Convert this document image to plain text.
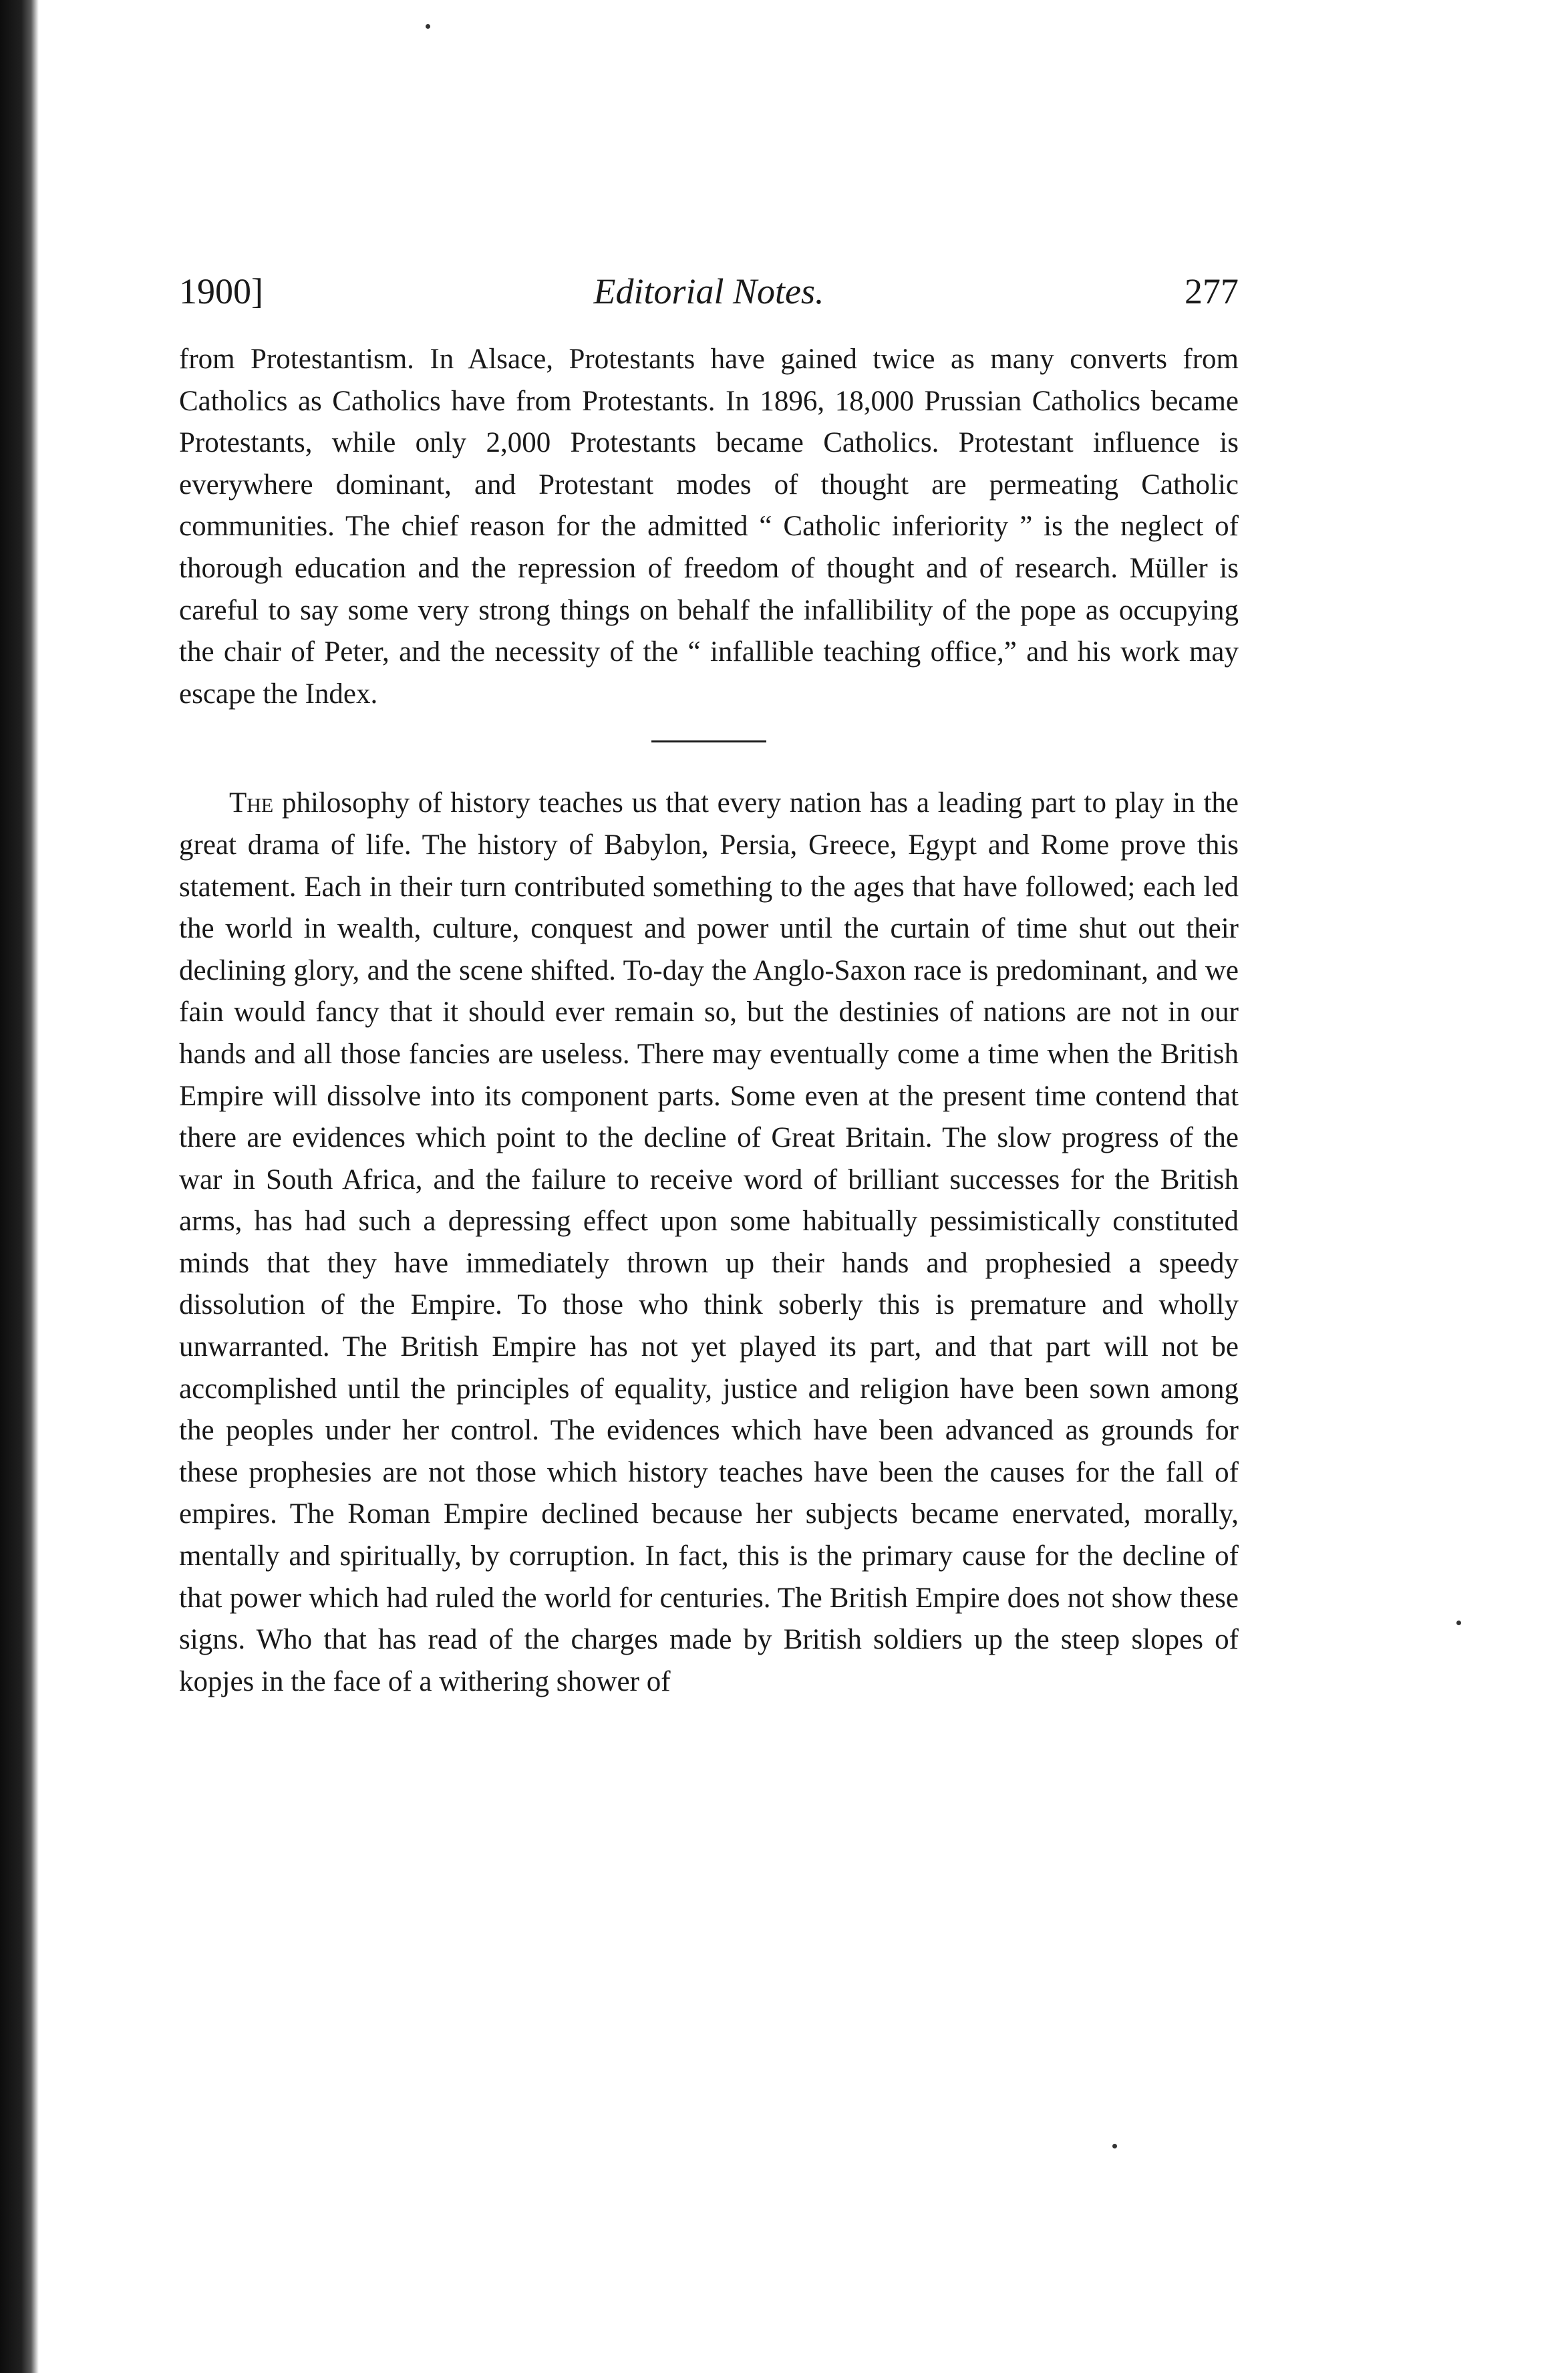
1900]	Editorial Notes.	277

from Protestantism. In Alsace, Protestants have gained twice as many converts from Catholics as Catholics have from Protestants. In 1896, 18,000 Prussian Catholics became Protestants, while only 2,000 Protestants became Catholics. Protestant influence is everywhere dominant, and Protestant modes of thought are permeating Catholic communities. The chief reason for the admitted “ Catholic inferiority ” is the neglect of thorough education and the repression of freedom of thought and of research. Müller is careful to say some very strong things on behalf the infallibility of the pope as occupying the chair of Peter, and the necessity of the “ infallible teaching office,” and his work may escape the Index.

The philosophy of history teaches us that every nation has a leading part to play in the great drama of life. The history of Babylon, Persia, Greece, Egypt and Rome prove this statement. Each in their turn contributed something to the ages that have followed; each led the world in wealth, culture, conquest and power until the curtain of time shut out their declining glory, and the scene shifted. To-day the Anglo-Saxon race is predominant, and we fain would fancy that it should ever remain so, but the destinies of nations are not in our hands and all those fancies are useless. There may eventually come a time when the British Empire will dissolve into its component parts. Some even at the present time contend that there are evidences which point to the decline of Great Britain. The slow progress of the war in South Africa, and the failure to receive word of brilliant successes for the British arms, has had such a depressing effect upon some habitually pessimistically constituted minds that they have immediately thrown up their hands and prophesied a speedy dissolution of the Empire. To those who think soberly this is premature and wholly unwarranted. The British Empire has not yet played its part, and that part will not be accomplished until the principles of equality, justice and religion have been sown among the peoples under her control. The evidences which have been advanced as grounds for these prophesies are not those which history teaches have been the causes for the fall of empires. The Roman Empire declined because her subjects became enervated, morally, mentally and spiritually, by corruption. In fact, this is the primary cause for the decline of that power which had ruled the world for centuries. The British Empire does not show these signs. Who that has read of the charges made by British soldiers up the steep slopes of kopjes in the face of a withering shower of
